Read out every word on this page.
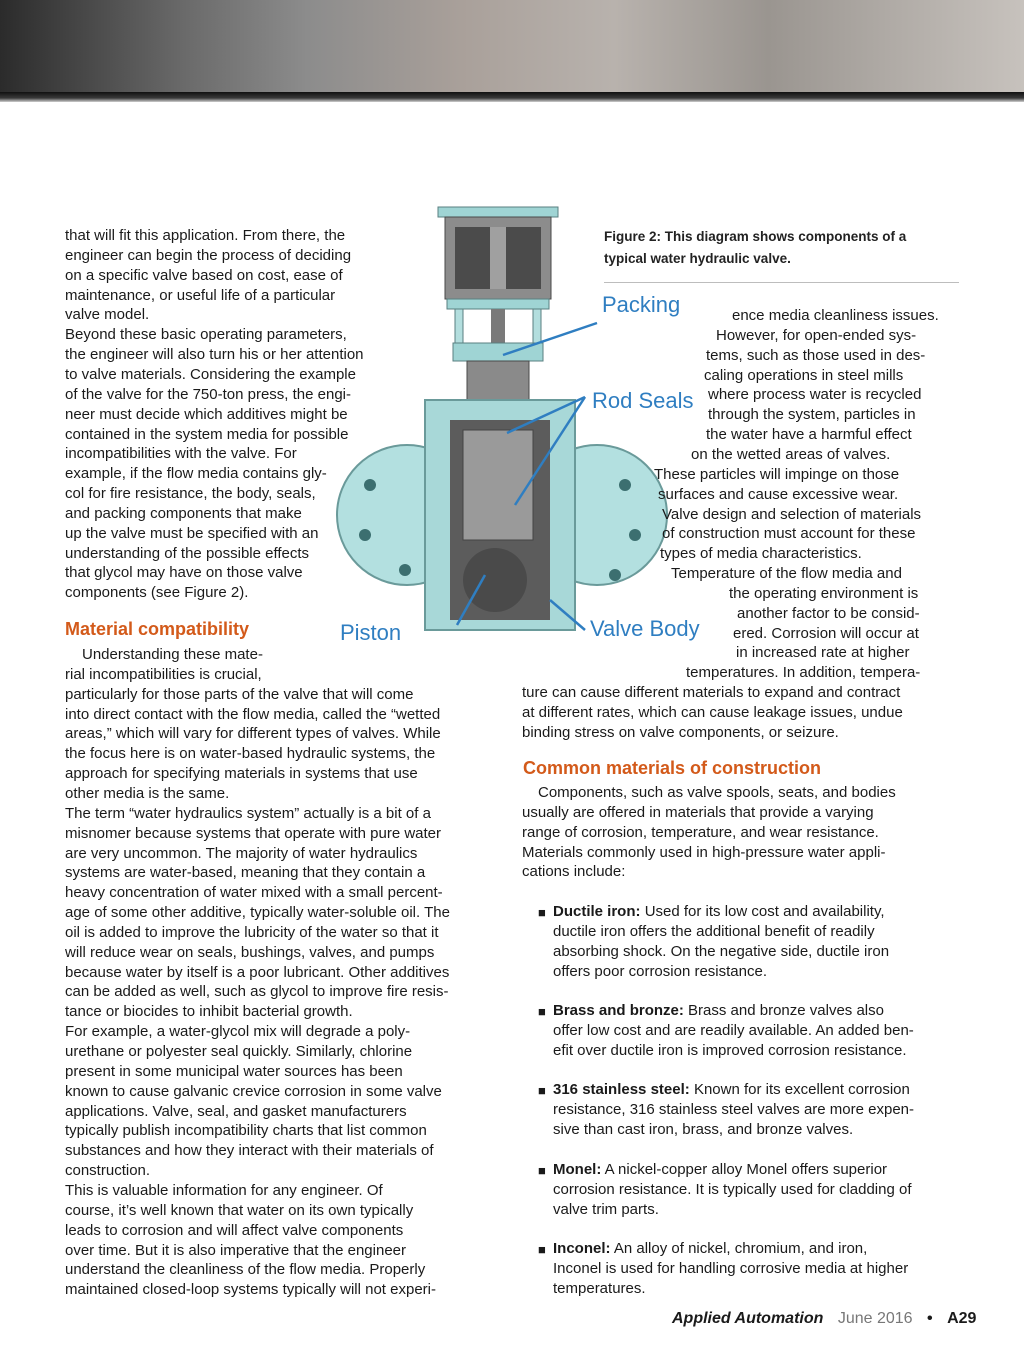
Packing
Rod Seals
Piston	Valve Body
Figure 2: This diagram shows components of a
typical water hydraulic valve.
that will fit this application. From there, the
engineer can begin the process of deciding
on a specific valve based on cost, ease of
maintenance, or useful life of a particular
valve model.
Beyond these basic operating parameters,
the engineer will also turn his or her attention
to valve materials. Considering the example
of the valve for the 750-ton press, the engi-
neer must decide which additives might be
contained in the system media for possible
incompatibilities with the valve. For
example, if the flow media contains gly-
col for fire resistance, the body, seals,
and packing components that make
up the valve must be specified with an
understanding of the possible effects
that glycol may have on those valve
components (see Figure 2).
Material compatibility
Understanding these mate-
rial incompatibilities is crucial,
particularly for those parts of the valve that will come
into direct contact with the flow media, called the “wetted
areas,” which will vary for different types of valves. While
the focus here is on water-based hydraulic systems, the
approach for specifying materials in systems that use
other media is the same.
The term “water hydraulics system” actually is a bit of a
misnomer because systems that operate with pure water
are very uncommon. The majority of water hydraulics
systems are water-based, meaning that they contain a
heavy concentration of water mixed with a small percent-
age of some other additive, typically water-soluble oil. The
oil is added to improve the lubricity of the water so that it
will reduce wear on seals, bushings, valves, and pumps
because water by itself is a poor lubricant. Other additives
can be added as well, such as glycol to improve fire resis-
tance or biocides to inhibit bacterial growth.
For example, a water-glycol mix will degrade a poly-
urethane or polyester seal quickly. Similarly, chlorine
present in some municipal water sources has been
known to cause galvanic crevice corrosion in some valve
applications. Valve, seal, and gasket manufacturers
typically publish incompatibility charts that list common
substances and how they interact with their materials of
construction.
This is valuable information for any engineer. Of
course, it’s well known that water on its own typically
leads to corrosion and will affect valve components
over time. But it is also imperative that the engineer
understand the cleanliness of the flow media. Properly
maintained closed-loop systems typically will not experi-
ence media cleanliness issues.
However, for open-ended sys-
tems, such as those used in des-
caling operations in steel mills
where process water is recycled
through the system, particles in
the water have a harmful effect
on the wetted areas of valves.
These particles will impinge on those
surfaces and cause excessive wear.
Valve design and selection of materials
of construction must account for these
types of media characteristics.
Temperature of the flow media and
the operating environment is
another factor to be consid-
ered. Corrosion will occur at
in increased rate at higher
temperatures. In addition, tempera-
ture can cause different materials to expand and contract
at different rates, which can cause leakage issues, undue
binding stress on valve components, or seizure.
Common materials of construction
Components, such as valve spools, seats, and bodies
usually are offered in materials that provide a varying
range of corrosion, temperature, and wear resistance.
Materials commonly used in high-pressure water appli-
cations include:
■ Ductile iron: Used for its low cost and availability,
ductile iron offers the additional benefit of readily
absorbing shock. On the negative side, ductile iron
offers poor corrosion resistance.
■ Brass and bronze: Brass and bronze valves also
offer low cost and are readily available. An added ben-
efit over ductile iron is improved corrosion resistance.
■ 316 stainless steel: Known for its excellent corrosion
resistance, 316 stainless steel valves are more expen-
sive than cast iron, brass, and bronze valves.
■ Monel: A nickel-copper alloy Monel offers superior
corrosion resistance. It is typically used for cladding of
valve trim parts.
■ Inconel: An alloy of nickel, chromium, and iron,
Inconel is used for handling corrosive media at higher
temperatures.
Applied Automation June 2016 • A29
